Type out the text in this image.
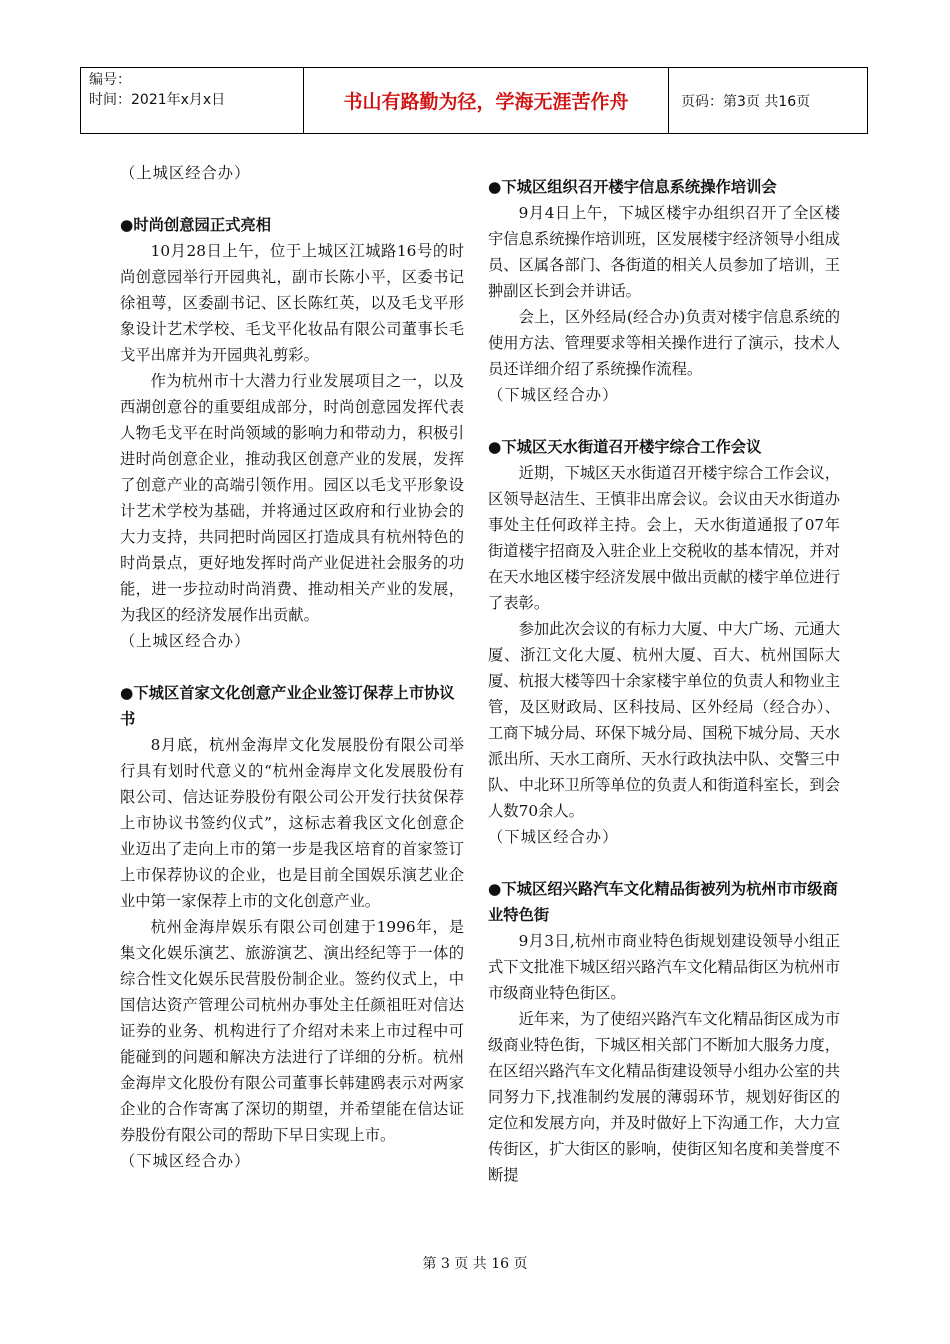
编号：
时间：2021年x月x日	书山有路勤为径，学海无涯苦作舟	页码：第3页 共16页

（上城区经合办）

●时尚创意园正式亮相

10月28日上午，位于上城区江城路16号的时尚创意园举行开园典礼，副市长陈小平，区委书记徐祖萼，区委副书记、区长陈红英，以及毛戈平形象设计艺术学校、毛戈平化妆品有限公司董事长毛戈平出席并为开园典礼剪彩。

作为杭州市十大潜力行业发展项目之一，以及西湖创意谷的重要组成部分，时尚创意园发挥代表人物毛戈平在时尚领域的影响力和带动力，积极引进时尚创意企业，推动我区创意产业的发展，发挥了创意产业的高端引领作用。园区以毛戈平形象设计艺术学校为基础，并将通过区政府和行业协会的大力支持，共同把时尚园区打造成具有杭州特色的时尚景点，更好地发挥时尚产业促进社会服务的功能，进一步拉动时尚消费、推动相关产业的发展，为我区的经济发展作出贡献。

（上城区经合办）

●下城区首家文化创意产业企业签订保荐上市协议书

8月底，杭州金海岸文化发展股份有限公司举行具有划时代意义的“杭州金海岸文化发展股份有限公司、信达证券股份有限公司公开发行扶贫保荐上市协议书签约仪式”，这标志着我区文化创意企业迈出了走向上市的第一步是我区培育的首家签订上市保荐协议的企业，也是目前全国娱乐演艺业企业中第一家保荐上市的文化创意产业。

杭州金海岸娱乐有限公司创建于1996年，是集文化娱乐演艺、旅游演艺、演出经纪等于一体的综合性文化娱乐民营股份制企业。签约仪式上，中国信达资产管理公司杭州办事处主任颜祖旺对信达证券的业务、机构进行了介绍对未来上市过程中可能碰到的问题和解决方法进行了详细的分析。杭州金海岸文化股份有限公司董事长韩建鸥表示对两家企业的合作寄寓了深切的期望，并希望能在信达证券股份有限公司的帮助下早日实现上市。

（下城区经合办）

●下城区组织召开楼宇信息系统操作培训会

9月4日上午，下城区楼宇办组织召开了全区楼宇信息系统操作培训班，区发展楼宇经济领导小组成员、区属各部门、各街道的相关人员参加了培训，王翀副区长到会并讲话。

会上，区外经局(经合办)负责对楼宇信息系统的使用方法、管理要求等相关操作进行了演示，技术人员还详细介绍了系统操作流程。

（下城区经合办）

●下城区天水街道召开楼宇综合工作会议

近期，下城区天水街道召开楼宇综合工作会议，区领导赵洁生、王慎非出席会议。会议由天水街道办事处主任何政祥主持。会上，天水街道通报了07年街道楼宇招商及入驻企业上交税收的基本情况，并对在天水地区楼宇经济发展中做出贡献的楼宇单位进行了表彰。

参加此次会议的有标力大厦、中大广场、元通大厦、浙江文化大厦、杭州大厦、百大、杭州国际大厦、杭报大楼等四十余家楼宇单位的负责人和物业主管，及区财政局、区科技局、区外经局（经合办）、工商下城分局、环保下城分局、国税下城分局、天水派出所、天水工商所、天水行政执法中队、交警三中队、中北环卫所等单位的负责人和街道科室长，到会人数70余人。

（下城区经合办）

●下城区绍兴路汽车文化精品街被列为杭州市市级商业特色街

9月3日,杭州市商业特色街规划建设领导小组正式下文批准下城区绍兴路汽车文化精品街区为杭州市市级商业特色街区。

近年来，为了使绍兴路汽车文化精品街区成为市级商业特色街，下城区相关部门不断加大服务力度，在区绍兴路汽车文化精品街建设领导小组办公室的共同努力下,找准制约发展的薄弱环节，规划好街区的定位和发展方向，并及时做好上下沟通工作，大力宣传街区，扩大街区的影响，使街区知名度和美誉度不断提

第 3 页 共 16 页
